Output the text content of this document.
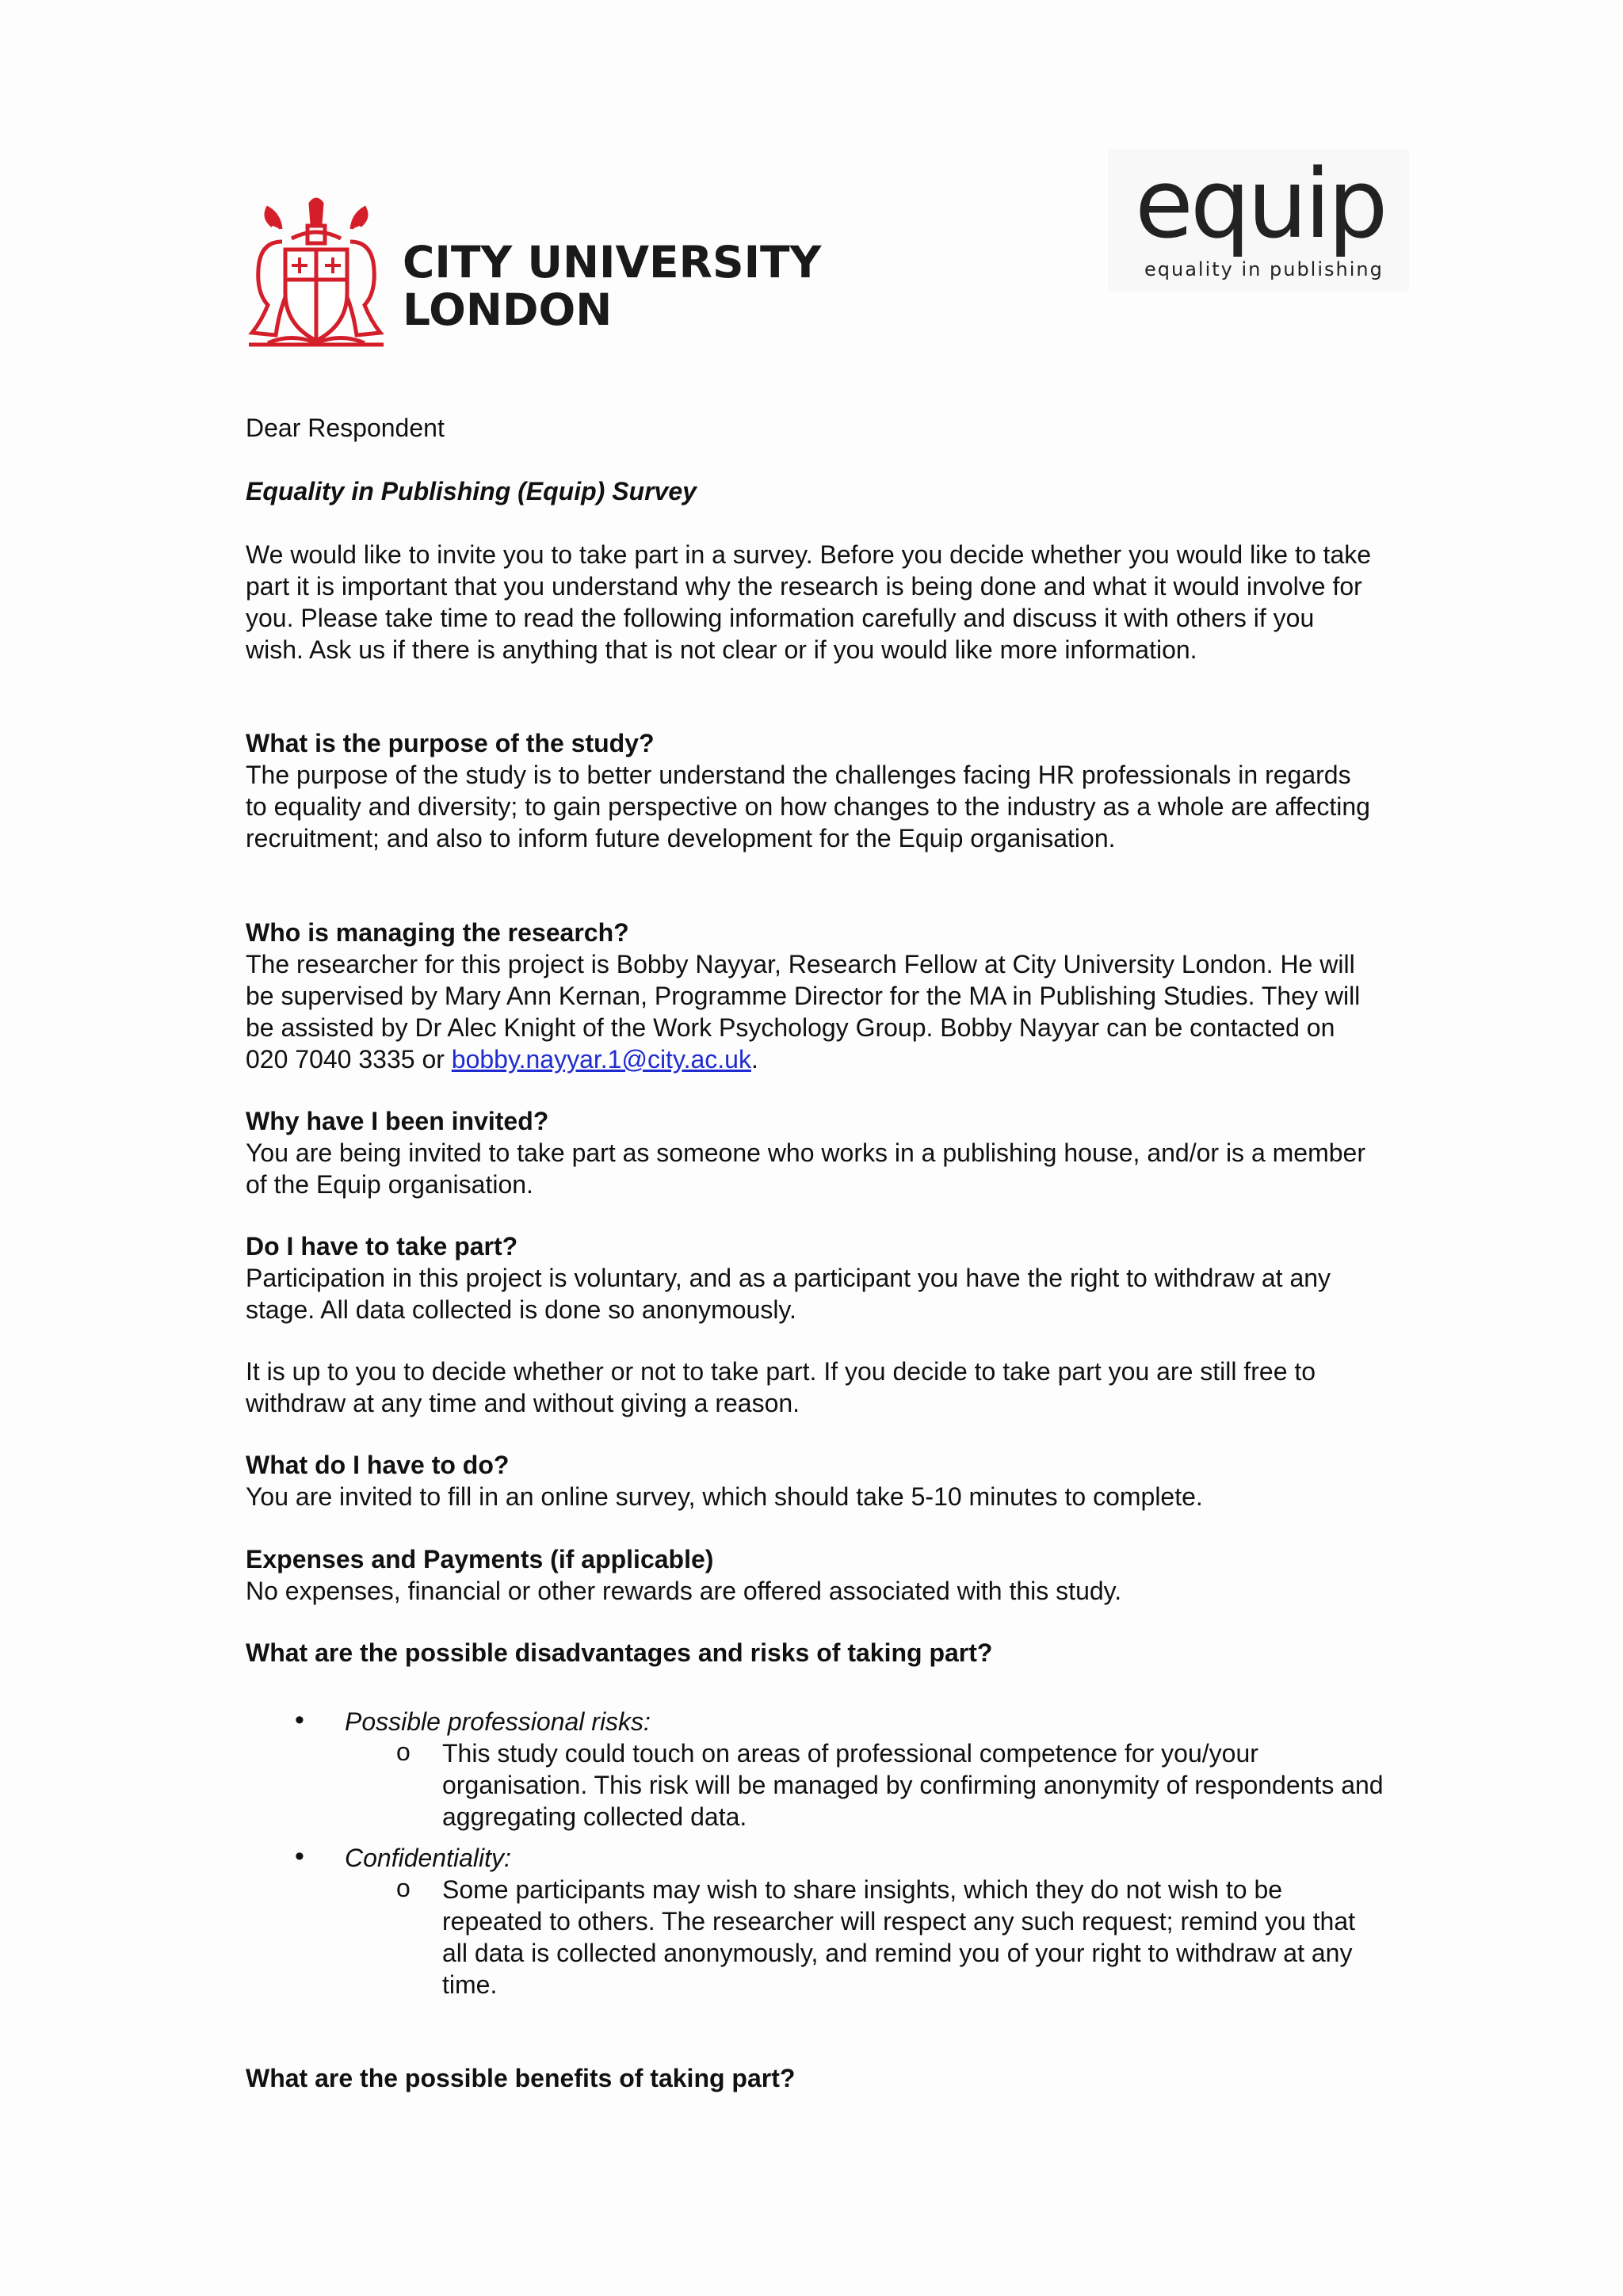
CITY UNIVERSITY
LONDON
equip
equality in publishing
Dear Respondent
Equality in Publishing (Equip) Survey
We would like to invite you to take part in a survey. Before you decide whether you would like to take part it is important that you understand why the research is being done and what it would involve for you. Please take time to read the following information carefully and discuss it with others if you wish. Ask us if there is anything that is not clear or if you would like more information.
What is the purpose of the study?
The purpose of the study is to better understand the challenges facing HR professionals in regards to equality and diversity; to gain perspective on how changes to the industry as a whole are affecting recruitment; and also to inform future development for the Equip organisation.
Who is managing the research?
The researcher for this project is Bobby Nayyar, Research Fellow at City University London. He will be supervised by Mary Ann Kernan, Programme Director for the MA in Publishing Studies. They will be assisted by Dr Alec Knight of the Work Psychology Group. Bobby Nayyar can be contacted on 020 7040 3335 or bobby.nayyar.1@city.ac.uk.
Why have I been invited?
You are being invited to take part as someone who works in a publishing house, and/or is a member of the Equip organisation.
Do I have to take part?
Participation in this project is voluntary, and as a participant you have the right to withdraw at any stage. All data collected is done so anonymously.
It is up to you to decide whether or not to take part. If you decide to take part you are still free to withdraw at any time and without giving a reason.
What do I have to do?
You are invited to fill in an online survey, which should take 5-10 minutes to complete.
Expenses and Payments (if applicable)
No expenses, financial or other rewards are offered associated with this study.
What are the possible disadvantages and risks of taking part?
• Possible professional risks:
o This study could touch on areas of professional competence for you/your organisation. This risk will be managed by confirming anonymity of respondents and aggregating collected data.
• Confidentiality:
o Some participants may wish to share insights, which they do not wish to be repeated to others. The researcher will respect any such request; remind you that all data is collected anonymously, and remind you of your right to withdraw at any time.
What are the possible benefits of taking part?
